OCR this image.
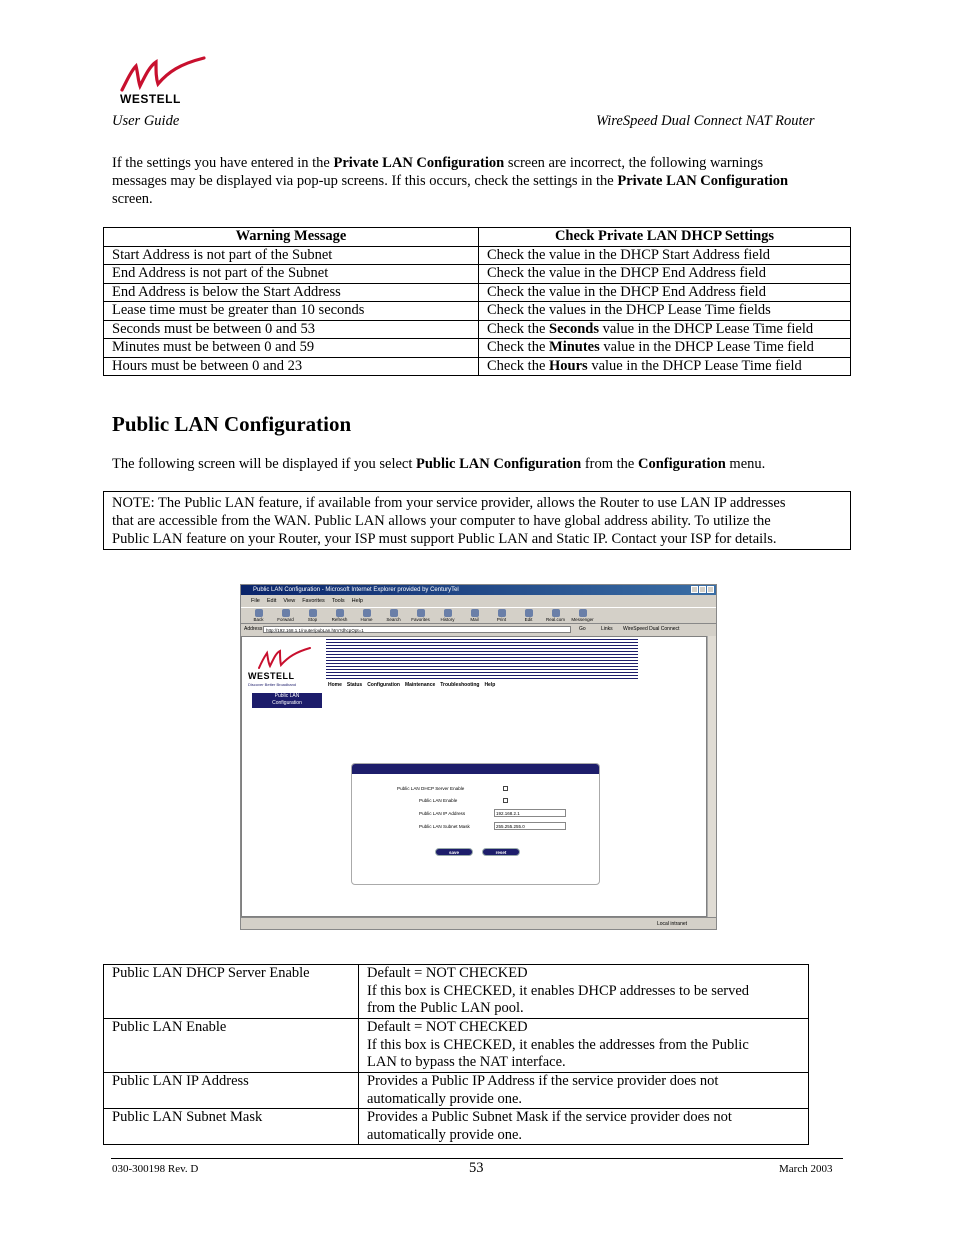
WESTELL
User Guide	WireSpeed Dual Connect NAT Router
If the settings you have entered in the Private LAN Configuration screen are incorrect, the following warnings
messages may be displayed via pop-up screens. If this occurs, check the settings in the Private LAN Configuration
screen.
Warning Message	Check Private LAN DHCP Settings
Start Address is not part of the Subnet	Check the value in the DHCP Start Address field
End Address is not part of the Subnet	Check the value in the DHCP End Address field
End Address is below the Start Address	Check the value in the DHCP End Address field
Lease time must be greater than 10 seconds	Check the values in the DHCP Lease Time fields
Seconds must be between 0 and 53	Check the Seconds value in the DHCP Lease Time field
Minutes must be between 0 and 59	Check the Minutes value in the DHCP Lease Time field
Hours must be between 0 and 23	Check the Hours value in the DHCP Lease Time field
Public LAN Configuration
The following screen will be displayed if you select Public LAN Configuration from the Configuration menu.
NOTE: The Public LAN feature, if available from your service provider, allows the Router to use LAN IP addresses
that are accessible from the WAN. Public LAN allows your computer to have global address ability. To utilize the
Public LAN feature on your Router, your ISP must support Public LAN and Static IP. Contact your ISP for details.
Public LAN Configuration - Microsoft Internet Explorer provided by CenturyTel
File Edit View Favorites Tools Help
Back	Forward	Stop	Refresh	Home	Search	Favorites	History	Mail	Print	Edit	Real.com	Messenger
Address http://192.168.1.1/router/pubLan.htm?dhcpOpt=1	Go	Links WireSpeed Dual Connect
WESTELL
Discover Better Broadband	Home Status Configuration Maintenance Troubleshooting Help
Public LAN
Configuration
Public LAN DHCP Server Enable
Public LAN Enable
Public LAN IP Address	192.168.2.1
Public LAN Subnet Mask	255.255.255.0
save	reset
Local intranet
Public LAN DHCP Server Enable	Default = NOT CHECKED
If this box is CHECKED, it enables DHCP addresses to be served
from the Public LAN pool.

Public LAN Enable	Default = NOT CHECKED
If this box is CHECKED, it enables the addresses from the Public
LAN to bypass the NAT interface.

Public LAN IP Address	Provides a Public IP Address if the service provider does not
automatically provide one.

Public LAN Subnet Mask	Provides a Public Subnet Mask if the service provider does not
automatically provide one.
030-300198 Rev. D	53	March 2003
